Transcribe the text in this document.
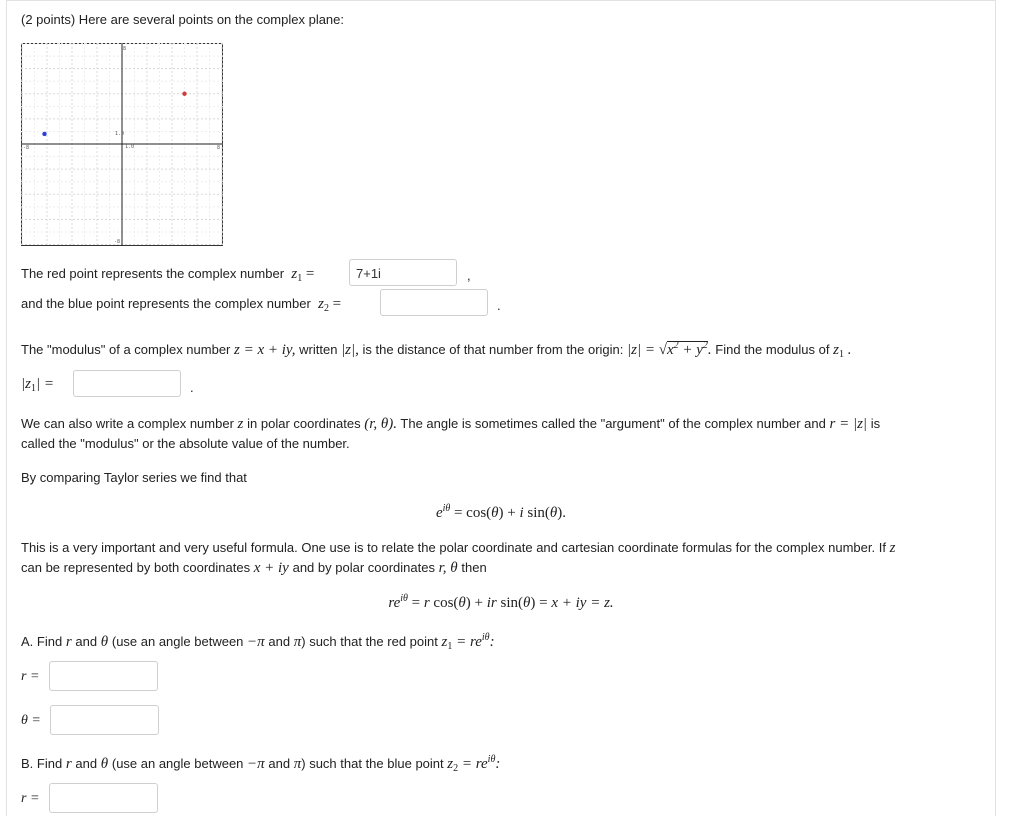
(2 points) Here are several points on the complex plane:
1.0
1.0
-8	8
8
-8
The red point represents the complex number  $z_1$ =	7+1i	,
and the blue point represents the complex number  $z_2$ =	.
The "modulus" of a complex number z = x + iy, written |z|, is the distance of that number from the origin: $|z| = √x^2 + y^2$. Find the modulus of $z_1$ .
$|z_1|$ =	.
We can also write a complex number z in polar coordinates (r, θ). The angle is sometimes called the "argument" of the complex number and r = |z| is
called the "modulus" or the absolute value of the number.
By comparing Taylor series we find that
$e^{i\theta} = \cos(\theta) + i$ sin(θ).
This is a very important and very useful formula. One use is to relate the polar coordinate and cartesian coordinate formulas for the complex number. If z
can be represented by both coordinates x + iy and by polar coordinates r, θ then
$re^{i\theta} = r$ cos(θ) + ir sin(θ) = x + iy = z.
A. Find r and θ (use an angle between −π and π) such that the red point $z_1 = re^{i\theta}$:
r =
θ =
B. Find r and θ (use an angle between −π and π) such that the blue point $z_2 = re^{i\theta}$:
r =
